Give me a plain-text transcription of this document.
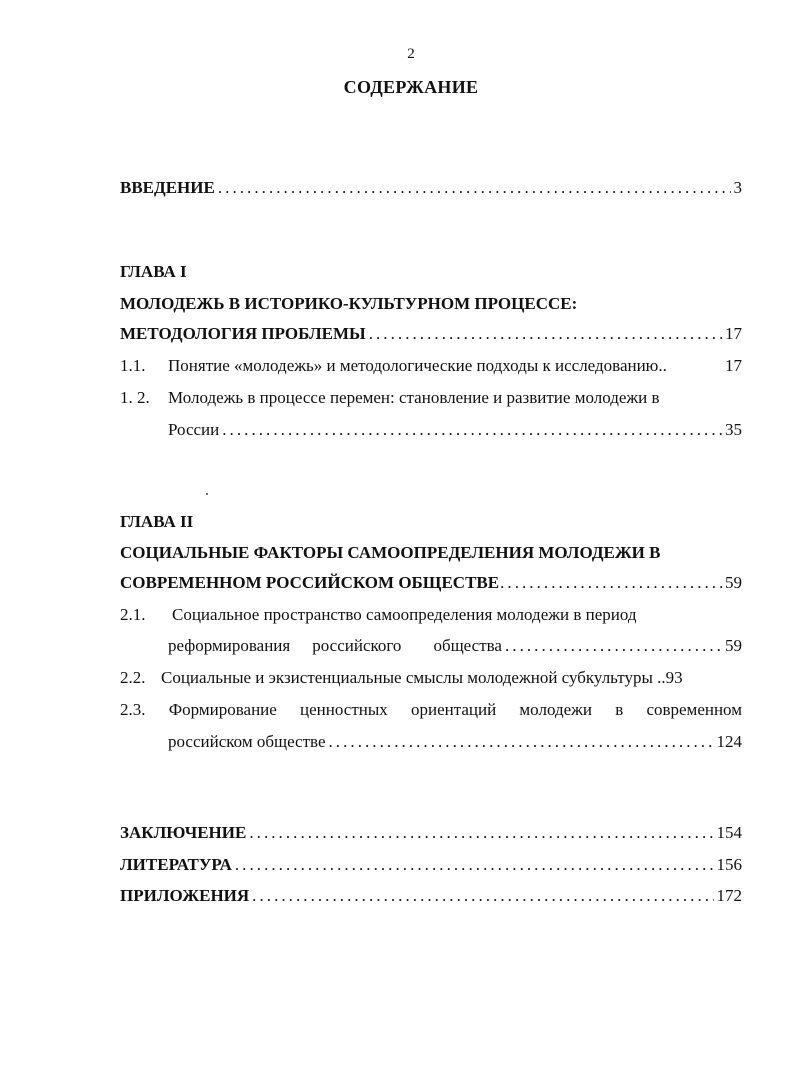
2
СОДЕРЖАНИЕ
ВВЕДЕНИЕ . . .	3
ГЛАВА I
МОЛОДЕЖЬ В ИСТОРИКО-КУЛЬТУРНОМ ПРОЦЕССЕ:
МЕТОДОЛОГИЯ ПРОБЛЕМЫ . . .	17
1.1.	Понятие «молодежь» и методологические подходы к исследованию..	17
1. 2. Молодежь в процессе перемен: становление и развитие молодежи в
России . . .	35
ГЛАВА II
СОЦИАЛЬНЫЕ ФАКТОРЫ САМООПРЕДЕЛЕНИЯ МОЛОДЕЖИ В
СОВРЕМЕННОМ РОССИЙСКОМ ОБЩЕСТВЕ . . .	59
2.1. Социальное пространство самоопределения молодежи в период
реформирования российского общества . . .	59
2.2. Социальные и экзистенциальные смыслы молодежной субкультуры .. 93
2.3. Формирование ценностных ориентаций молодежи в современном
российском обществе . . .	124
ЗАКЛЮЧЕНИЕ . . .	154
ЛИТЕРАТУРА . . .	156
ПРИЛОЖЕНИЯ . . .	172
